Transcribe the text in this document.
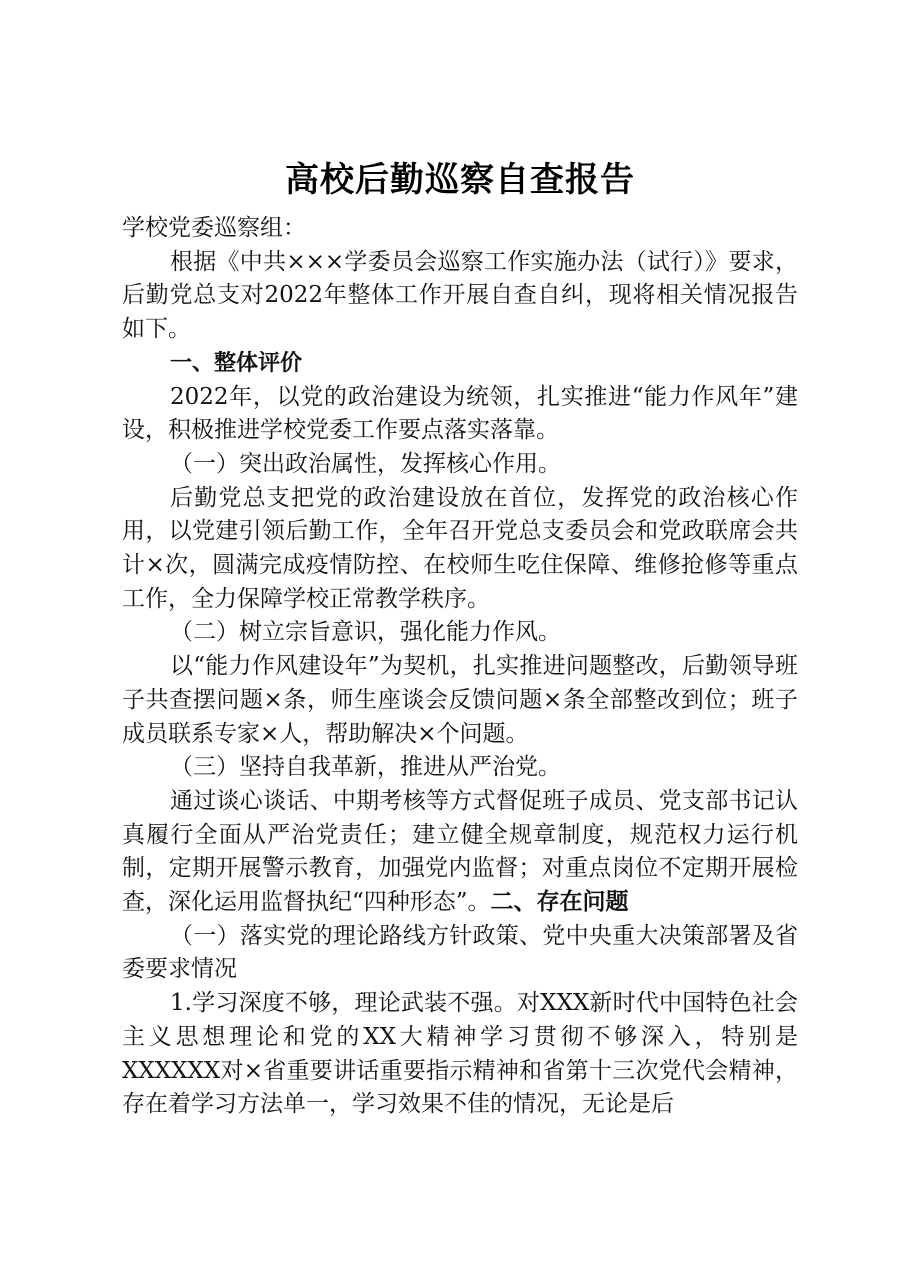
高校后勤巡察自查报告

学校党委巡察组：

根据《中共×××学委员会巡察工作实施办法（试行）》要求，后勤党总支对2022年整体工作开展自查自纠，现将相关情况报告如下。

一、整体评价

2022年，以党的政治建设为统领，扎实推进“能力作风年”建设，积极推进学校党委工作要点落实落靠。

（一）突出政治属性，发挥核心作用。

后勤党总支把党的政治建设放在首位，发挥党的政治核心作用，以党建引领后勤工作，全年召开党总支委员会和党政联席会共计×次，圆满完成疫情防控、在校师生吃住保障、维修抢修等重点工作，全力保障学校正常教学秩序。

（二）树立宗旨意识，强化能力作风。

以“能力作风建设年”为契机，扎实推进问题整改，后勤领导班子共查摆问题×条，师生座谈会反馈问题×条全部整改到位；班子成员联系专家×人，帮助解决×个问题。

（三）坚持自我革新，推进从严治党。

通过谈心谈话、中期考核等方式督促班子成员、党支部书记认真履行全面从严治党责任；建立健全规章制度，规范权力运行机制，定期开展警示教育，加强党内监督；对重点岗位不定期开展检查，深化运用监督执纪“四种形态”。二、存在问题

（一）落实党的理论路线方针政策、党中央重大决策部署及省委要求情况

1.学习深度不够，理论武装不强。对XXX新时代中国特色社会主义思想理论和党的XX大精神学习贯彻不够深入，特别是XXXXXX对×省重要讲话重要指示精神和省第十三次党代会精神，存在着学习方法单一，学习效果不佳的情况，无论是后
